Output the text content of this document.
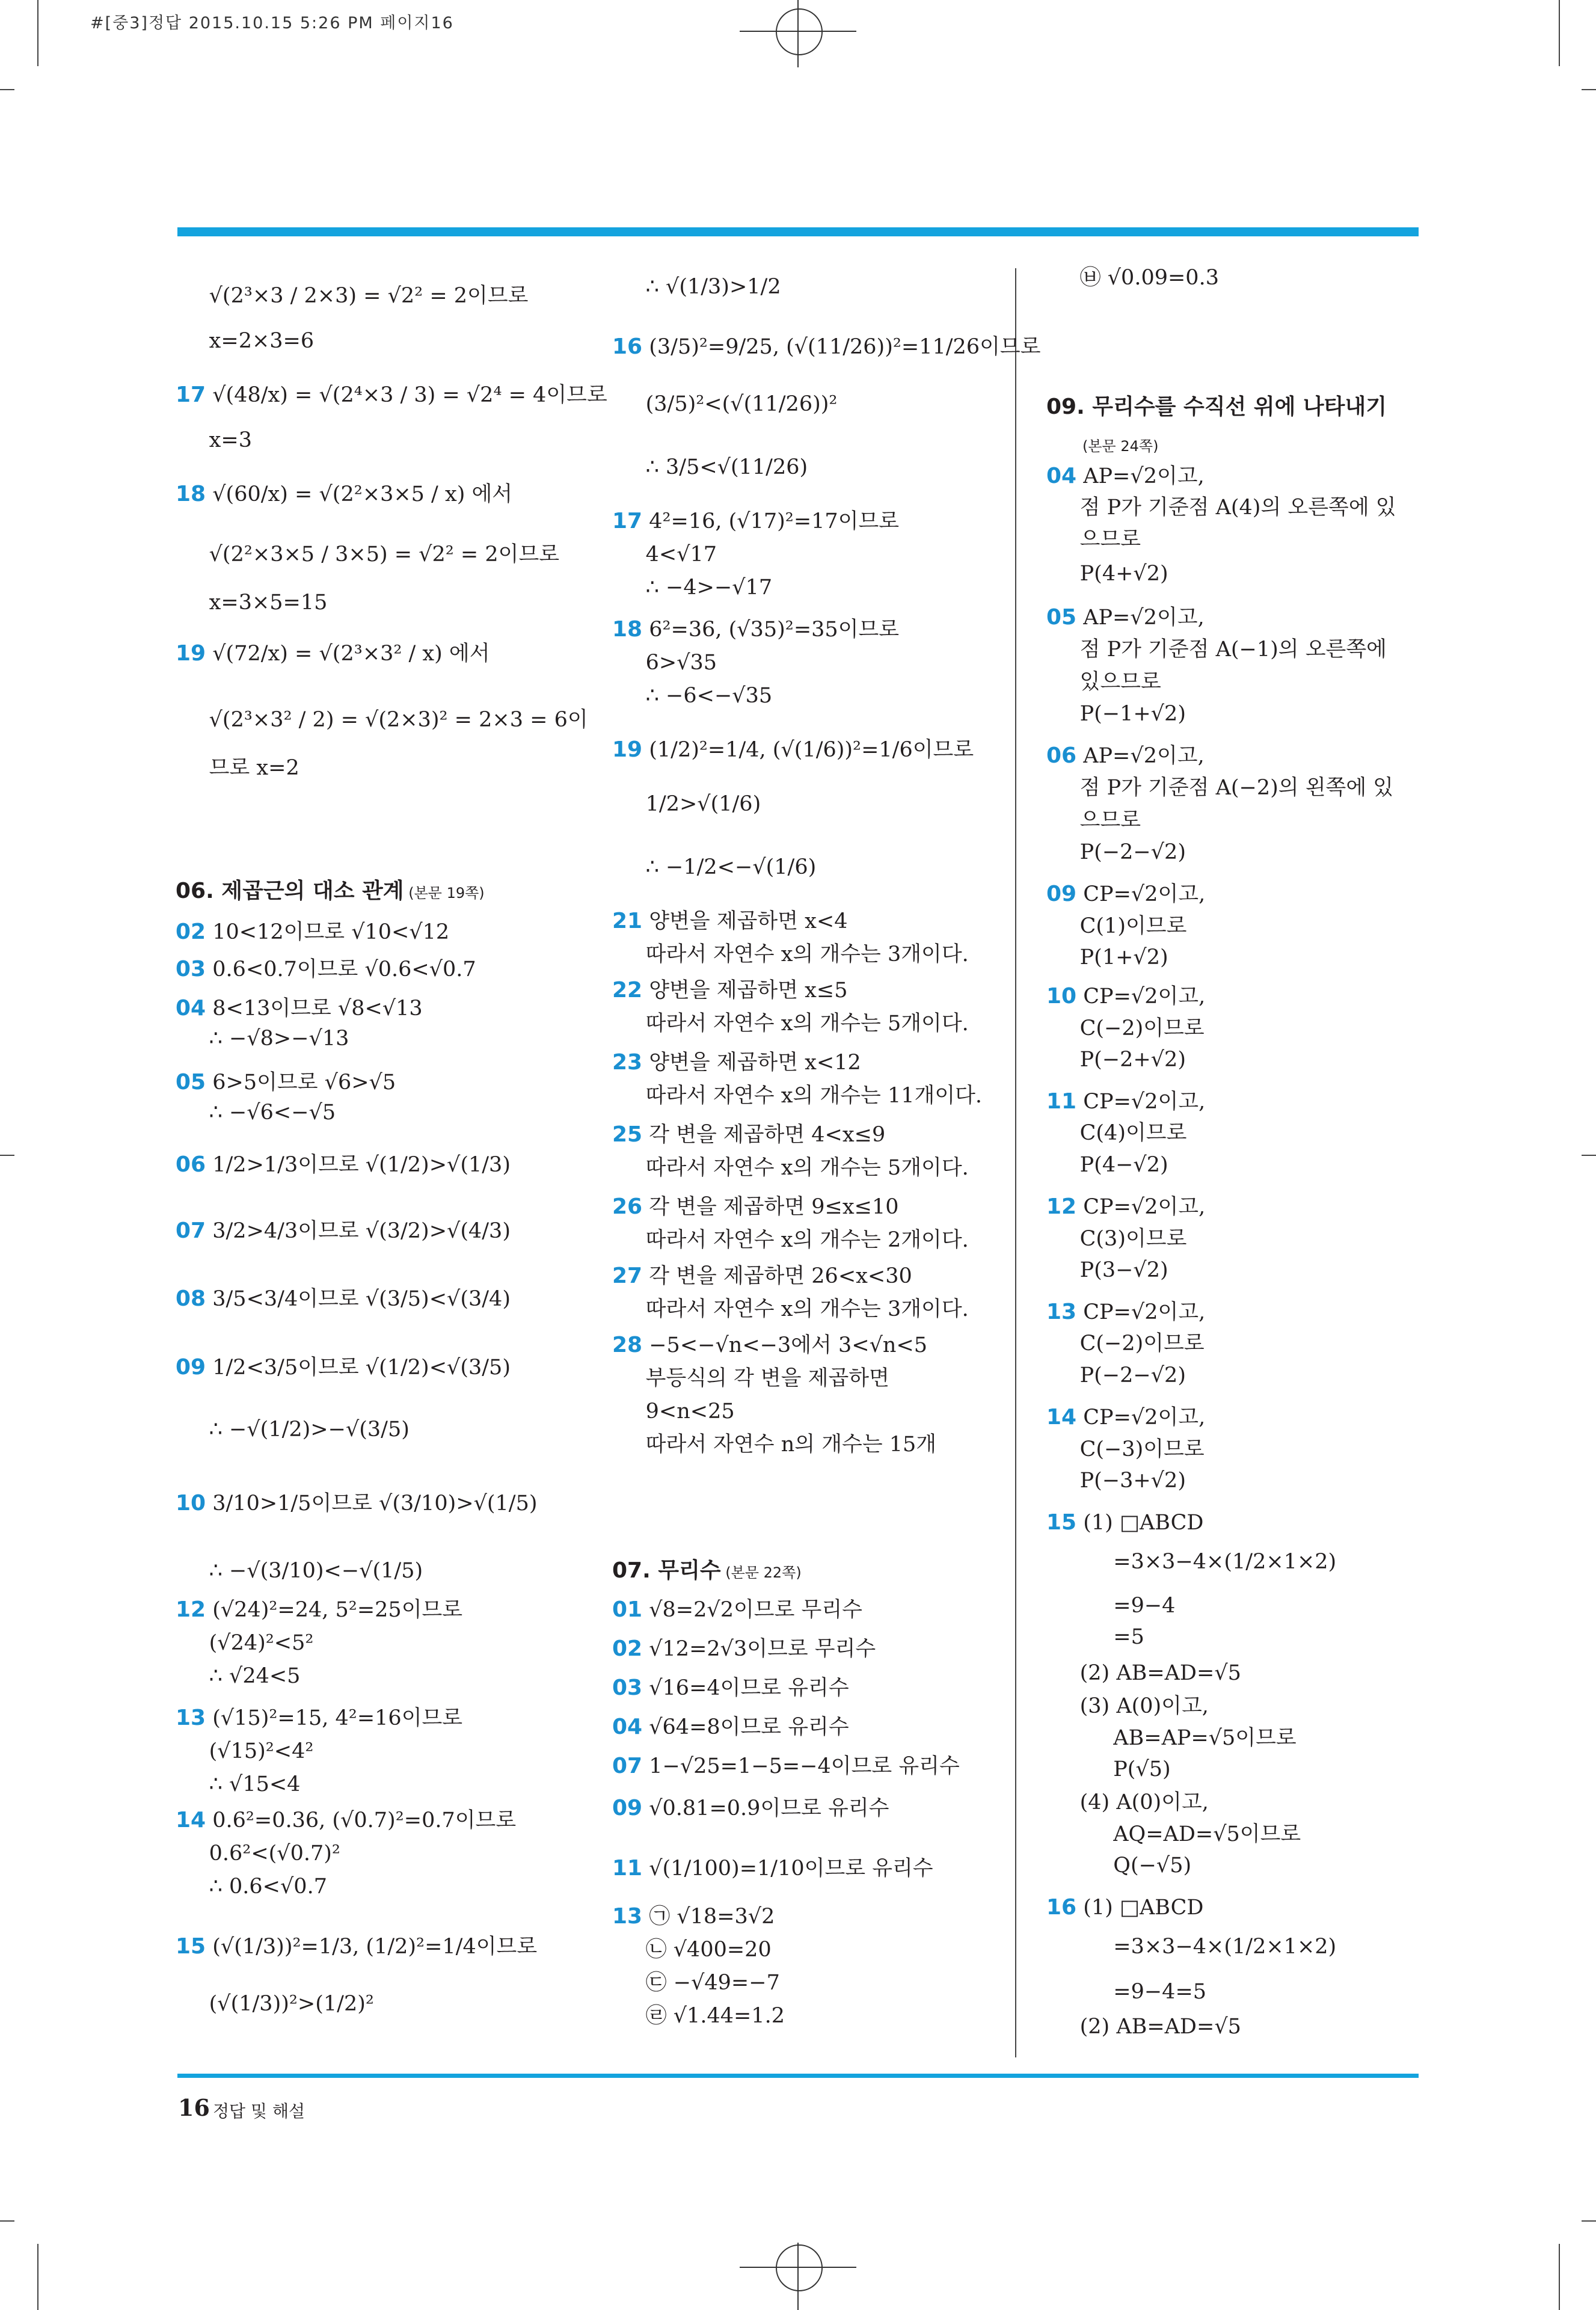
#[중3]정답 2015.10.15 5:26 PM 페이지16
√(2³×3 / 2×3) = √2² = 2이므로
x=2×3=6
17 √(48/x) = √(2⁴×3 / 3) = √2⁴ = 4이므로
x=3
18 √(60/x) = √(2²×3×5 / x) 에서
√(2²×3×5 / 3×5) = √2² = 2이므로
x=3×5=15
19 √(72/x) = √(2³×3² / x) 에서
√(2³×3² / 2) = √(2×3)² = 2×3 = 6이
므로 x=2
06. 제곱근의 대소 관계 (본문 19쪽)
02 10<12이므로 √10<√12
03 0.6<0.7이므로 √0.6<√0.7
04 8<13이므로 √8<√13
∴ −√8>−√13
05 6>5이므로 √6>√5
∴ −√6<−√5
06 1/2>1/3이므로 √(1/2)>√(1/3)
07 3/2>4/3이므로 √(3/2)>√(4/3)
08 3/5<3/4이므로 √(3/5)<√(3/4)
09 1/2<3/5이므로 √(1/2)<√(3/5)
∴ −√(1/2)>−√(3/5)
10 3/10>1/5이므로 √(3/10)>√(1/5)
∴ −√(3/10)<−√(1/5)
12 (√24)²=24, 5²=25이므로
(√24)²<5²
∴ √24<5
13 (√15)²=15, 4²=16이므로
(√15)²<4²
∴ √15<4
14 0.6²=0.36, (√0.7)²=0.7이므로
0.6²<(√0.7)²
∴ 0.6<√0.7
15 (√(1/3))²=1/3, (1/2)²=1/4이므로
(√(1/3))²>(1/2)²
∴ √(1/3)>1/2
16 (3/5)²=9/25, (√(11/26))²=11/26이므로
(3/5)²<(√(11/26))²
∴ 3/5<√(11/26)
17 4²=16, (√17)²=17이므로
4<√17
∴ −4>−√17
18 6²=36, (√35)²=35이므로
6>√35
∴ −6<−√35
19 (1/2)²=1/4, (√(1/6))²=1/6이므로
1/2>√(1/6)
∴ −1/2<−√(1/6)
21 양변을 제곱하면 x<4
따라서 자연수 x의 개수는 3개이다.
22 양변을 제곱하면 x≤5
따라서 자연수 x의 개수는 5개이다.
23 양변을 제곱하면 x<12
따라서 자연수 x의 개수는 11개이다.
25 각 변을 제곱하면 4<x≤9
따라서 자연수 x의 개수는 5개이다.
26 각 변을 제곱하면 9≤x≤10
따라서 자연수 x의 개수는 2개이다.
27 각 변을 제곱하면 26<x<30
따라서 자연수 x의 개수는 3개이다.
28 −5<−√n<−3에서 3<√n<5
부등식의 각 변을 제곱하면
9<n<25
따라서 자연수 n의 개수는 15개
07. 무리수 (본문 22쪽)
01 √8=2√2이므로 무리수
02 √12=2√3이므로 무리수
03 √16=4이므로 유리수
04 √64=8이므로 유리수
07 1−√25=1−5=−4이므로 유리수
09 √0.81=0.9이므로 유리수
11 √(1/100)=1/10이므로 유리수
13 ㉠ √18=3√2
㉡ √400=20
㉢ −√49=−7
㉣ √1.44=1.2
㉥ √0.09=0.3
09. 무리수를 수직선 위에 나타내기
(본문 24쪽)
04 AP=√2이고,
점 P가 기준점 A(4)의 오른쪽에 있
으므로
P(4+√2)
05 AP=√2이고,
점 P가 기준점 A(−1)의 오른쪽에
있으므로
P(−1+√2)
06 AP=√2이고,
점 P가 기준점 A(−2)의 왼쪽에 있
으므로
P(−2−√2)
09 CP=√2이고,
C(1)이므로
P(1+√2)
10 CP=√2이고,
C(−2)이므로
P(−2+√2)
11 CP=√2이고,
C(4)이므로
P(4−√2)
12 CP=√2이고,
C(3)이므로
P(3−√2)
13 CP=√2이고,
C(−2)이므로
P(−2−√2)
14 CP=√2이고,
C(−3)이므로
P(−3+√2)
15 (1) □ABCD
=3×3−4×(1/2×1×2)
=9−4
=5
(2) AB=AD=√5
(3) A(0)이고,
AB=AP=√5이므로
P(√5)
(4) A(0)이고,
AQ=AD=√5이므로
Q(−√5)
16 (1) □ABCD
=3×3−4×(1/2×1×2)
=9−4=5
(2) AB=AD=√5
16 정답 및 해설
